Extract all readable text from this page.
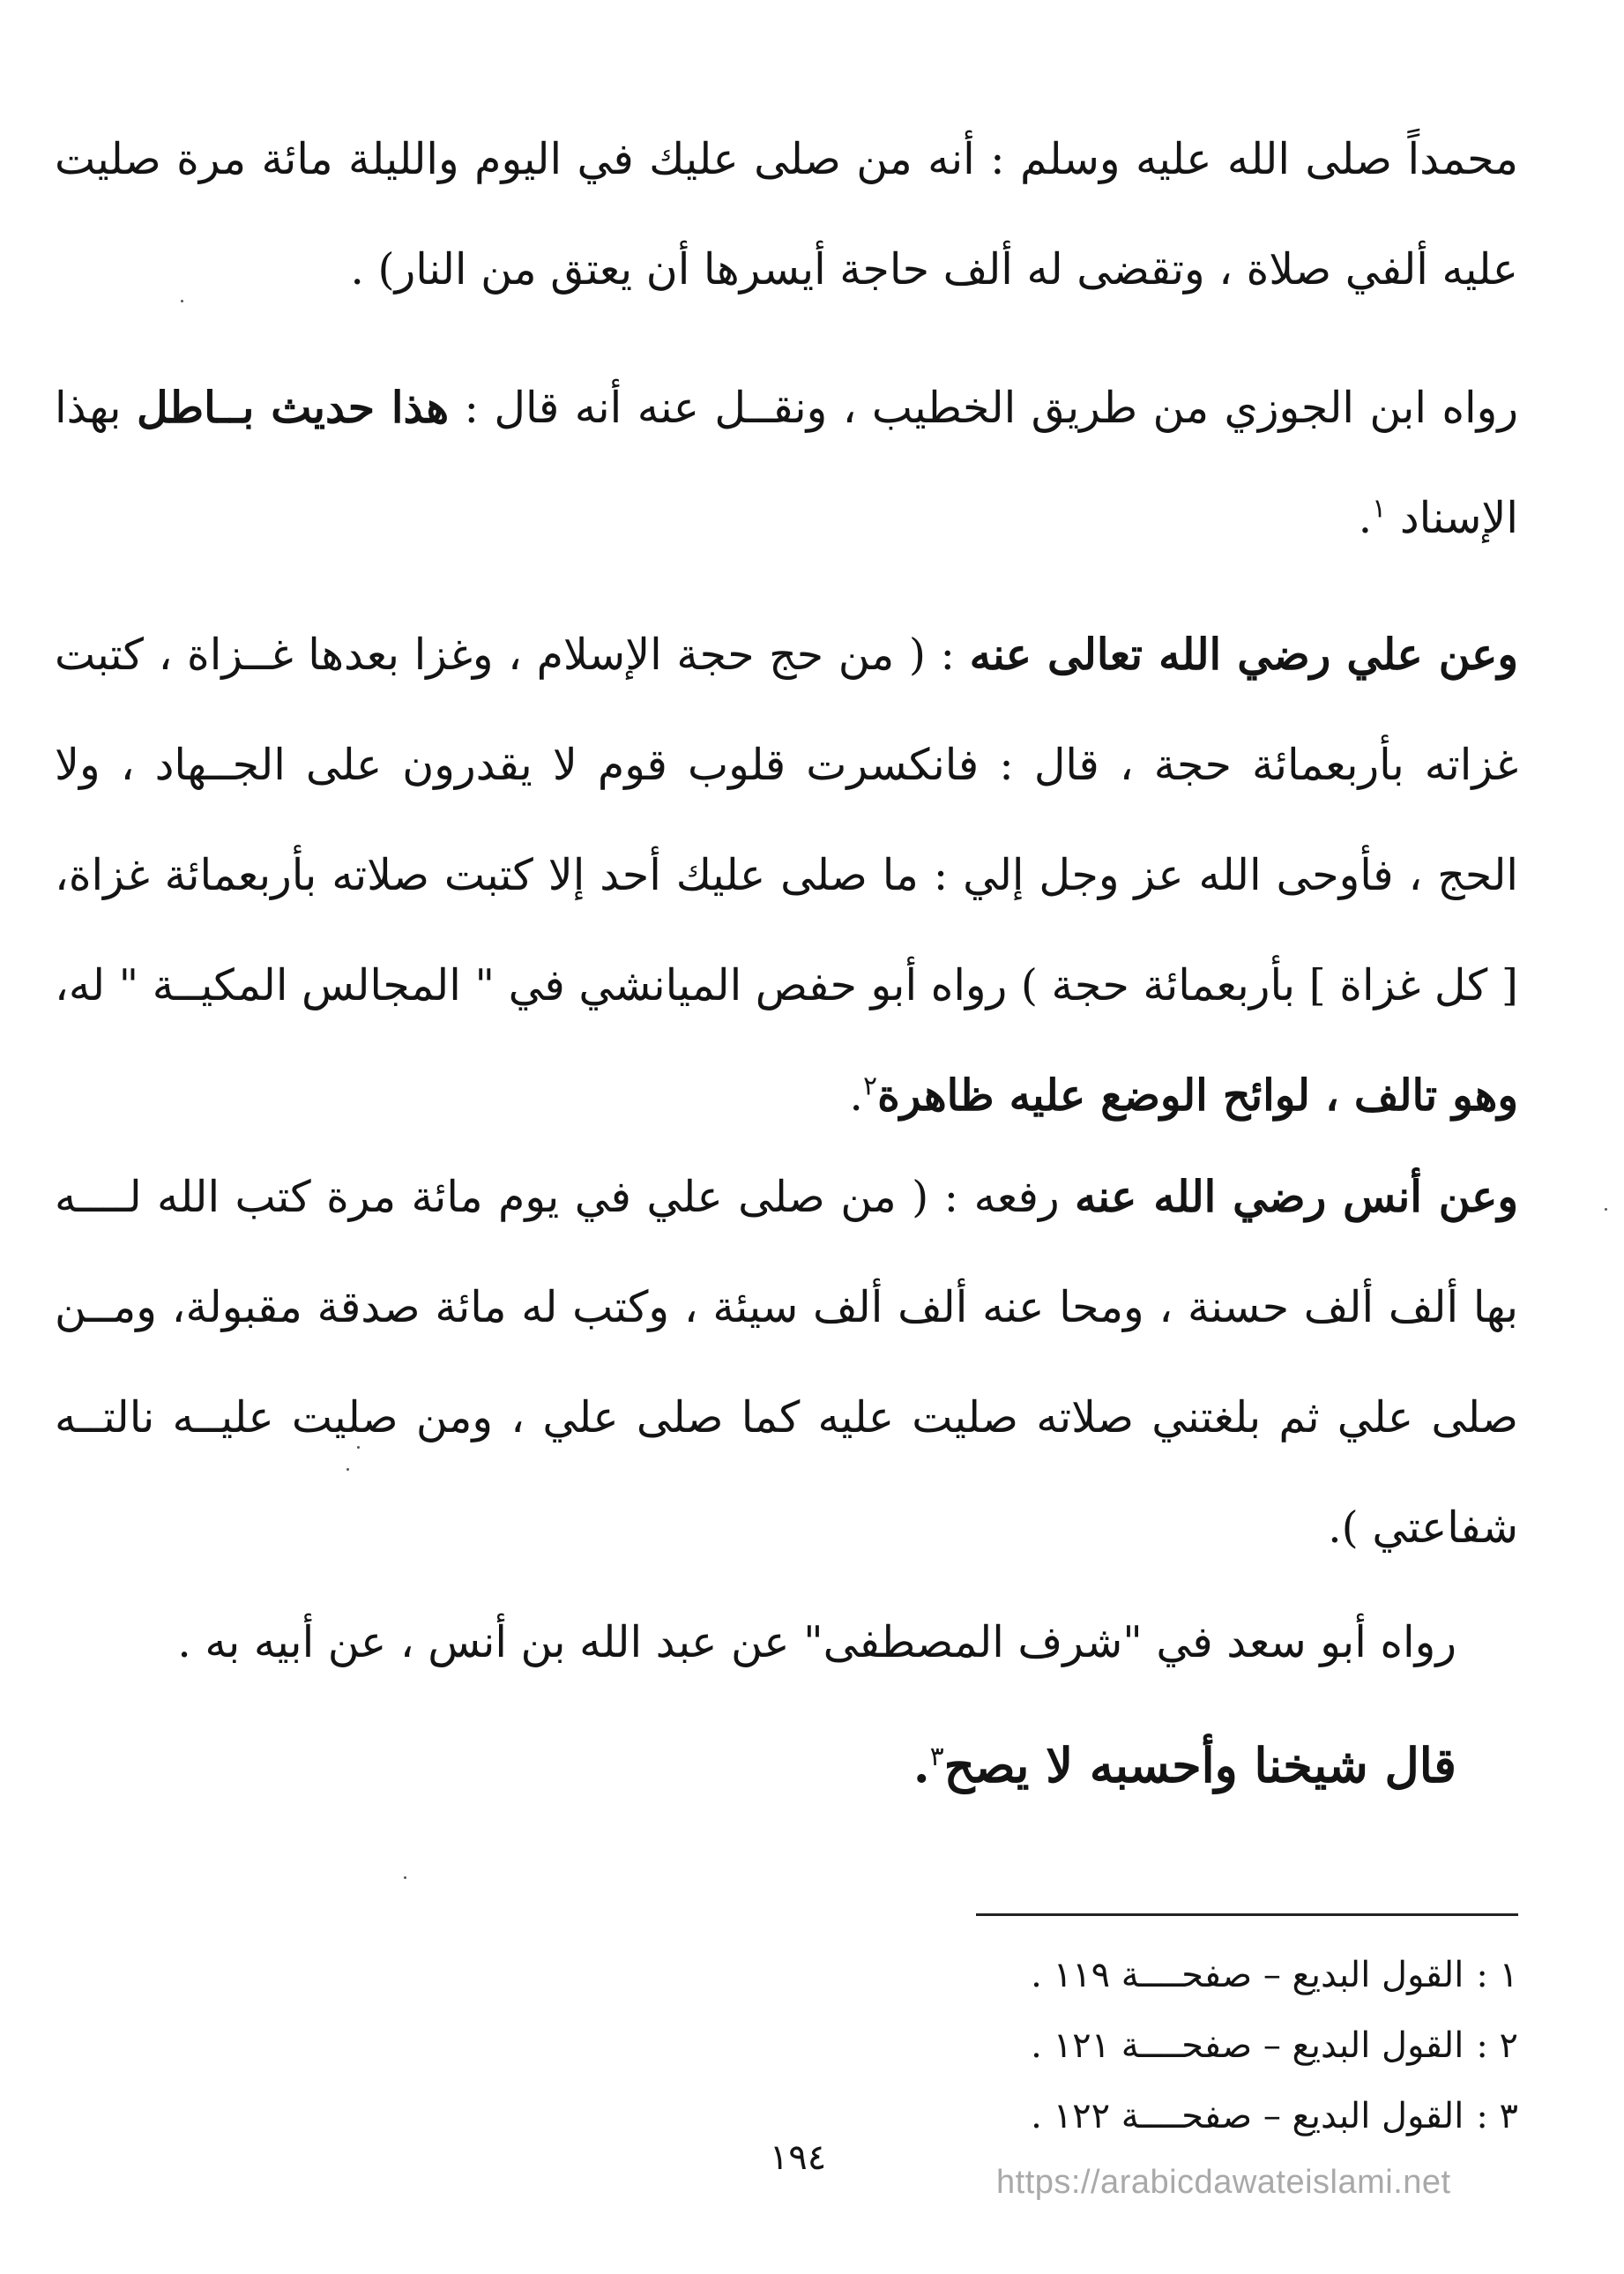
محمداً صلى الله عليه وسلم : أنه من صلى عليك في اليوم والليلة مائة مرة صليت عليه ألفي صلاة ، وتقضى له ألف حاجة أيسرها أن يعتق من النار) .

رواه ابن الجوزي من طريق الخطيب ، ونقــل عنه أنه قال : هذا حديث بــاطل بهذا الإسناد $^١$.

وعن علي رضي الله تعالى عنه : ( من حج حجة الإسلام ، وغزا بعدها غــزاة ، كتبت غزاته بأربعمائة حجة ، قال : فانكسرت قلوب قوم لا يقدرون على الجــهاد ، ولا الحج ، فأوحى الله عز وجل إلي : ما صلى عليك أحد إلا كتبت صلاته بأربعمائة غزاة، [ كل غزاة ] بأربعمائة حجة ) رواه أبو حفص الميانشي في " المجالس المكيــة " له، وهو تالف ، لوائح الوضع عليه ظاهرة$^٢$.

وعن أنس رضي الله عنه رفعه : ( من صلى علي في يوم مائة مرة كتب الله لــــه بها ألف ألف حسنة ، ومحا عنه ألف ألف سيئة ، وكتب له مائة صدقة مقبولة، ومــن صلى علي ثم بلغتني صلاته صليت عليه كما صلى علي ، ومن صليت عليــه نالتــه شفاعتي ).

رواه أبو سعد في "شرف المصطفى" عن عبد الله بن أنس ، عن أبيه به .

قال شيخنا وأحسبه لا يصح$^٣$.

١ :القول البديع – صفحــــة ١١٩ .
٢ :القول البديع – صفحــــة ١٢١ .
٣ :القول البديع – صفحــــة ١٢٢ .
١٩٤
https://arabicdawateislami.net
